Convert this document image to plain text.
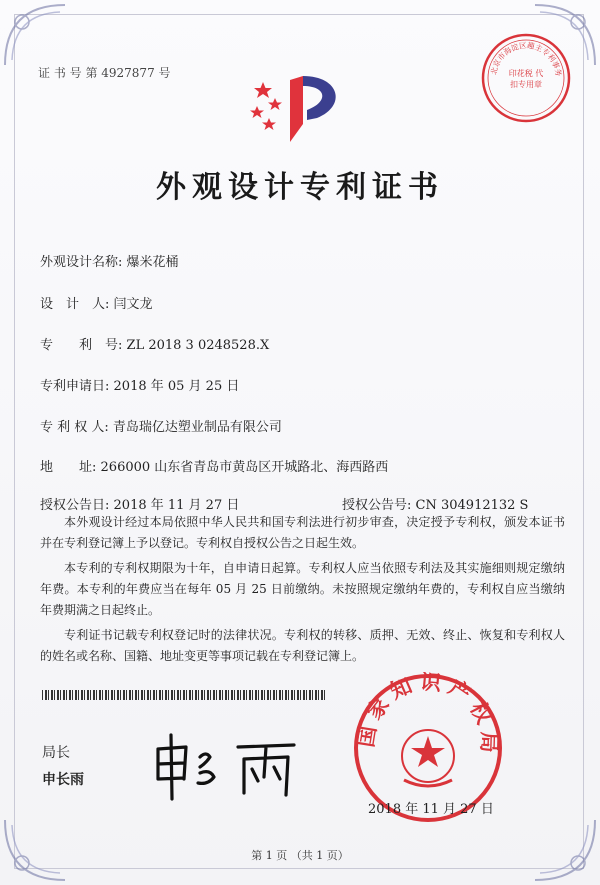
证 书 号 第 4927877 号	北京市海淀区趣主专利事务
印花税 代扣专用章
外观设计专利证书
外观设计名称: 爆米花桶
设　计　人: 闫文龙
专　　利　号: ZL 2018 3 0248528.X
专利申请日: 2018 年 05 月 25 日
专 利 权 人: 青岛瑞亿达塑业制品有限公司
地　　址: 266000 山东省青岛市黄岛区开城路北、海西路西
授权公告日: 2018 年 11 月 27 日	授权公告号: CN 304912132 S

本外观设计经过本局依照中华人民共和国专利法进行初步审查，决定授予专利权，颁发本证书并在专利登记簿上予以登记。专利权自授权公告之日起生效。

本专利的专利权期限为十年，自申请日起算。专利权人应当依照专利法及其实施细则规定缴纳年费。本专利的年费应当在每年 05 月 25 日前缴纳。未按照规定缴纳年费的，专利权自应当缴纳年费期满之日起终止。

专利证书记载专利权登记时的法律状况。专利权的转移、质押、无效、终止、恢复和专利权人的姓名或名称、国籍、地址变更等事项记载在专利登记簿上。

局长
申长雨
国家知识产权局
2018 年 11 月 27 日
第 1 页 （共 1 页）
